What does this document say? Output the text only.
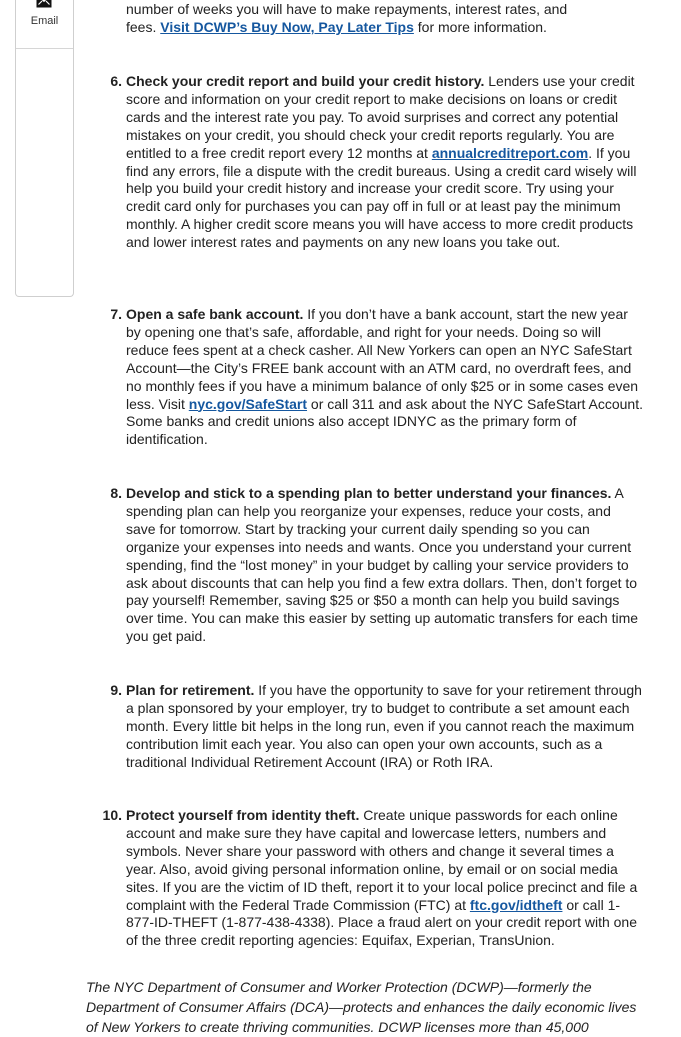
Email

number of weeks you will have to make repayments, interest rates, and
fees. Visit DCWP’s Buy Now, Pay Later Tips for more information.

6. Check your credit report and build your credit history. Lenders use your credit score and information on your credit report to make decisions on loans or credit cards and the interest rate you pay. To avoid surprises and correct any potential mistakes on your credit, you should check your credit reports regularly. You are entitled to a free credit report every 12 months at annualcreditreport.com. If you find any errors, file a dispute with the credit bureaus. Using a credit card wisely will help you build your credit history and increase your credit score. Try using your credit card only for purchases you can pay off in full or at least pay the minimum monthly. A higher credit score means you will have access to more credit products and lower interest rates and payments on any new loans you take out.
7. Open a safe bank account. If you don’t have a bank account, start the new year by opening one that’s safe, affordable, and right for your needs. Doing so will reduce fees spent at a check casher. All New Yorkers can open an NYC SafeStart Account—the City’s FREE bank account with an ATM card, no overdraft fees, and no monthly fees if you have a minimum balance of only $25 or in some cases even less. Visit nyc.gov/SafeStart or call 311 and ask about the NYC SafeStart Account. Some banks and credit unions also accept IDNYC as the primary form of identification.
8. Develop and stick to a spending plan to better understand your finances. A spending plan can help you reorganize your expenses, reduce your costs, and save for tomorrow. Start by tracking your current daily spending so you can organize your expenses into needs and wants. Once you understand your current spending, find the “lost money” in your budget by calling your service providers to ask about discounts that can help you find a few extra dollars. Then, don’t forget to pay yourself! Remember, saving $25 or $50 a month can help you build savings over time. You can make this easier by setting up automatic transfers for each time you get paid.
9. Plan for retirement. If you have the opportunity to save for your retirement through a plan sponsored by your employer, try to budget to contribute a set amount each month. Every little bit helps in the long run, even if you cannot reach the maximum contribution limit each year. You also can open your own accounts, such as a traditional Individual Retirement Account (IRA) or Roth IRA.
10. Protect yourself from identity theft. Create unique passwords for each online account and make sure they have capital and lowercase letters, numbers and symbols. Never share your password with others and change it several times a year. Also, avoid giving personal information online, by email or on social media sites. If you are the victim of ID theft, report it to your local police precinct and file a complaint with the Federal Trade Commission (FTC) at ftc.gov/idtheft or call 1-877-ID-THEFT (1-877-438-4338). Place a fraud alert on your credit report with one of the three credit reporting agencies: Equifax, Experian, TransUnion.

The NYC Department of Consumer and Worker Protection (DCWP)—formerly the Department of Consumer Affairs (DCA)—protects and enhances the daily economic lives of New Yorkers to create thriving communities. DCWP licenses more than 45,000
